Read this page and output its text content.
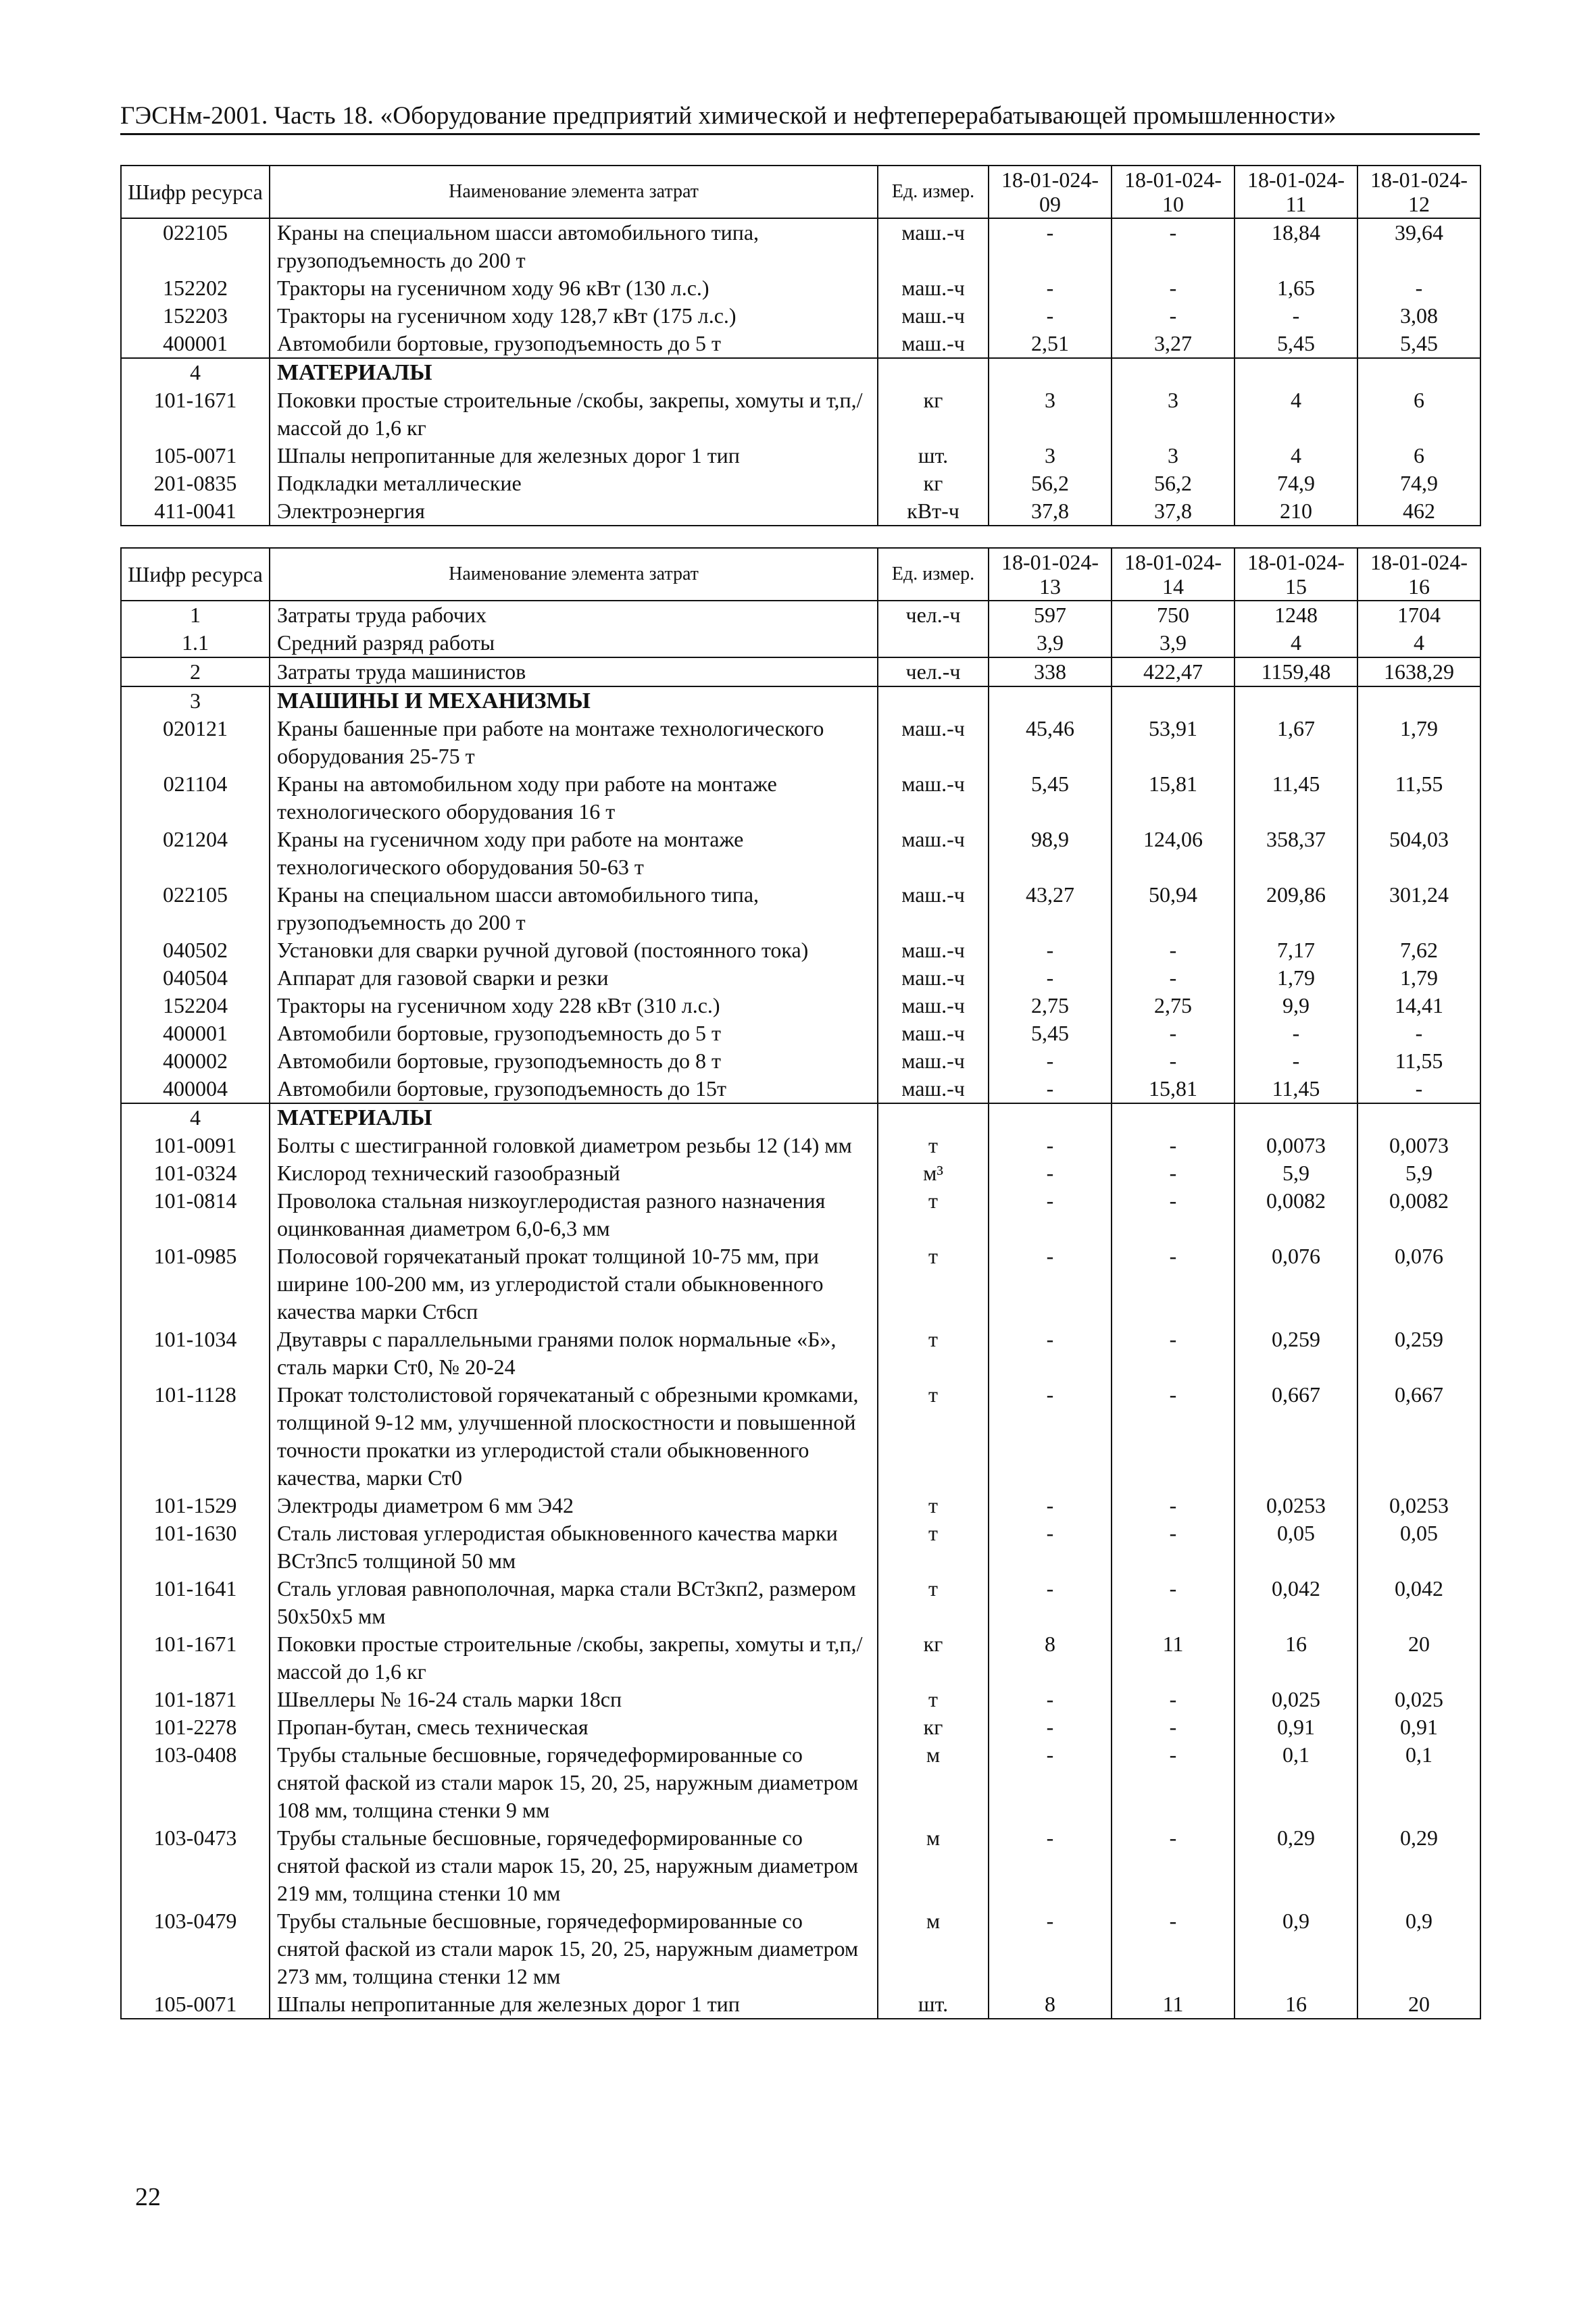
ГЭСНм-2001. Часть 18. «Оборудование предприятий химической и нефтеперерабатывающей промышленности»
Шифр ресурса	Наименование элемента затрат	Ед. измер.	18-01-024-09	18-01-024-10	18-01-024-11	18-01-024-12
022105	Краны на специальном шасси автомобильного типа, грузоподъемность до 200 т	маш.-ч	-	-	18,84	39,64
152202	Тракторы на гусеничном ходу 96 кВт (130 л.с.)	маш.-ч	-	-	1,65	-
152203	Тракторы на гусеничном ходу 128,7 кВт (175 л.с.)	маш.-ч	-	-	-	3,08
400001	Автомобили бортовые, грузоподъемность до 5 т	маш.-ч	2,51	3,27	5,45	5,45
4	МАТЕРИАЛЫ					
101-1671	Поковки простые строительные /скобы, закрепы, хомуты и т,п,/ массой до 1,6 кг	кг	3	3	4	6
105-0071	Шпалы непропитанные для железных дорог 1 тип	шт.	3	3	4	6
201-0835	Подкладки металлические	кг	56,2	56,2	74,9	74,9
411-0041	Электроэнергия	кВт-ч	37,8	37,8	210	462
Шифр ресурса	Наименование элемента затрат	Ед. измер.	18-01-024-13	18-01-024-14	18-01-024-15	18-01-024-16
1	Затраты труда рабочих	чел.-ч	597	750	1248	1704
1.1	Средний разряд работы		3,9	3,9	4	4
2	Затраты труда машинистов	чел.-ч	338	422,47	1159,48	1638,29
3	МАШИНЫ И МЕХАНИЗМЫ					
020121	Краны башенные при работе на монтаже технологического оборудования 25-75 т	маш.-ч	45,46	53,91	1,67	1,79
021104	Краны на автомобильном ходу при работе на монтаже технологического оборудования 16 т	маш.-ч	5,45	15,81	11,45	11,55
021204	Краны на гусеничном ходу при работе на монтаже технологического оборудования 50-63 т	маш.-ч	98,9	124,06	358,37	504,03
022105	Краны на специальном шасси автомобильного типа, грузоподъемность до 200 т	маш.-ч	43,27	50,94	209,86	301,24
040502	Установки для сварки ручной дуговой (постоянного тока)	маш.-ч	-	-	7,17	7,62
040504	Аппарат для газовой сварки и резки	маш.-ч	-	-	1,79	1,79
152204	Тракторы на гусеничном ходу 228 кВт (310 л.с.)	маш.-ч	2,75	2,75	9,9	14,41
400001	Автомобили бортовые, грузоподъемность до 5 т	маш.-ч	5,45	-	-	-
400002	Автомобили бортовые, грузоподъемность до 8 т	маш.-ч	-	-	-	11,55
400004	Автомобили бортовые, грузоподъемность до 15т	маш.-ч	-	15,81	11,45	-
4	МАТЕРИАЛЫ					
101-0091	Болты с шестигранной головкой диаметром резьбы 12 (14) мм	т	-	-	0,0073	0,0073
101-0324	Кислород технический газообразный	м³	-	-	5,9	5,9
101-0814	Проволока стальная низкоуглеродистая разного назначения оцинкованная диаметром 6,0-6,3 мм	т	-	-	0,0082	0,0082
101-0985	Полосовой горячекатаный прокат толщиной 10-75 мм, при ширине 100-200 мм, из углеродистой стали обыкновенного качества марки Ст6сп	т	-	-	0,076	0,076
101-1034	Двутавры с параллельными гранями полок нормальные «Б», сталь марки Ст0, № 20-24	т	-	-	0,259	0,259
101-1128	Прокат толстолистовой горячекатаный с обрезными кромками, толщиной 9-12 мм, улучшенной плоскостности и повышенной точности прокатки из углеродистой стали обыкновенного качества, марки Ст0	т	-	-	0,667	0,667
101-1529	Электроды диаметром 6 мм Э42	т	-	-	0,0253	0,0253
101-1630	Сталь листовая углеродистая обыкновенного качества марки ВСт3пс5 толщиной 50 мм	т	-	-	0,05	0,05
101-1641	Сталь угловая равнополочная, марка стали ВСт3кп2, размером 50х50х5 мм	т	-	-	0,042	0,042
101-1671	Поковки простые строительные /скобы, закрепы, хомуты и т,п,/ массой до 1,6 кг	кг	8	11	16	20
101-1871	Швеллеры № 16-24 сталь марки 18сп	т	-	-	0,025	0,025
101-2278	Пропан-бутан, смесь техническая	кг	-	-	0,91	0,91
103-0408	Трубы стальные бесшовные, горячедеформированные со снятой фаской из стали марок 15, 20, 25, наружным диаметром 108 мм, толщина стенки 9 мм	м	-	-	0,1	0,1
103-0473	Трубы стальные бесшовные, горячедеформированные со снятой фаской из стали марок 15, 20, 25, наружным диаметром 219 мм, толщина стенки 10 мм	м	-	-	0,29	0,29
103-0479	Трубы стальные бесшовные, горячедеформированные со снятой фаской из стали марок 15, 20, 25, наружным диаметром 273 мм, толщина стенки 12 мм	м	-	-	0,9	0,9
105-0071	Шпалы непропитанные для железных дорог 1 тип	шт.	8	11	16	20
22
